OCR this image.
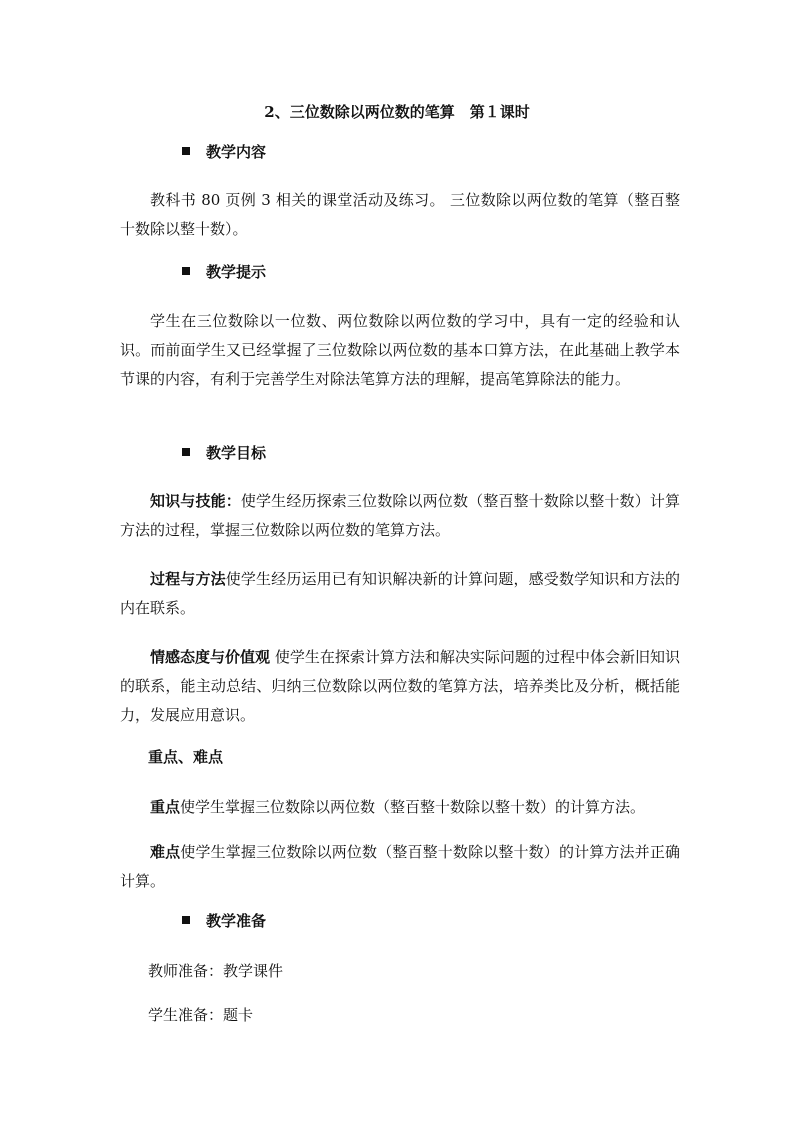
2、三位数除以两位数的笔算　第１课时
教学内容

教科书 80 页例 3 相关的课堂活动及练习。 三位数除以两位数的笔算（整百整十数除以整十数）。

教学提示

学生在三位数除以一位数、两位数除以两位数的学习中，具有一定的经验和认识。而前面学生又已经掌握了三位数除以两位数的基本口算方法，在此基础上教学本节课的内容，有利于完善学生对除法笔算方法的理解，提高笔算除法的能力。

教学目标

知识与技能：使学生经历探索三位数除以两位数（整百整十数除以整十数）计算方法的过程，掌握三位数除以两位数的笔算方法。

过程与方法使学生经历运用已有知识解决新的计算问题，感受数学知识和方法的内在联系。

情感态度与价值观 使学生在探索计算方法和解决实际问题的过程中体会新旧知识的联系，能主动总结、归纳三位数除以两位数的笔算方法，培养类比及分析，概括能力，发展应用意识。

重点、难点

重点使学生掌握三位数除以两位数（整百整十数除以整十数）的计算方法。

难点使学生掌握三位数除以两位数（整百整十数除以整十数）的计算方法并正确计算。

教学准备
教师准备：教学课件
学生准备：题卡
